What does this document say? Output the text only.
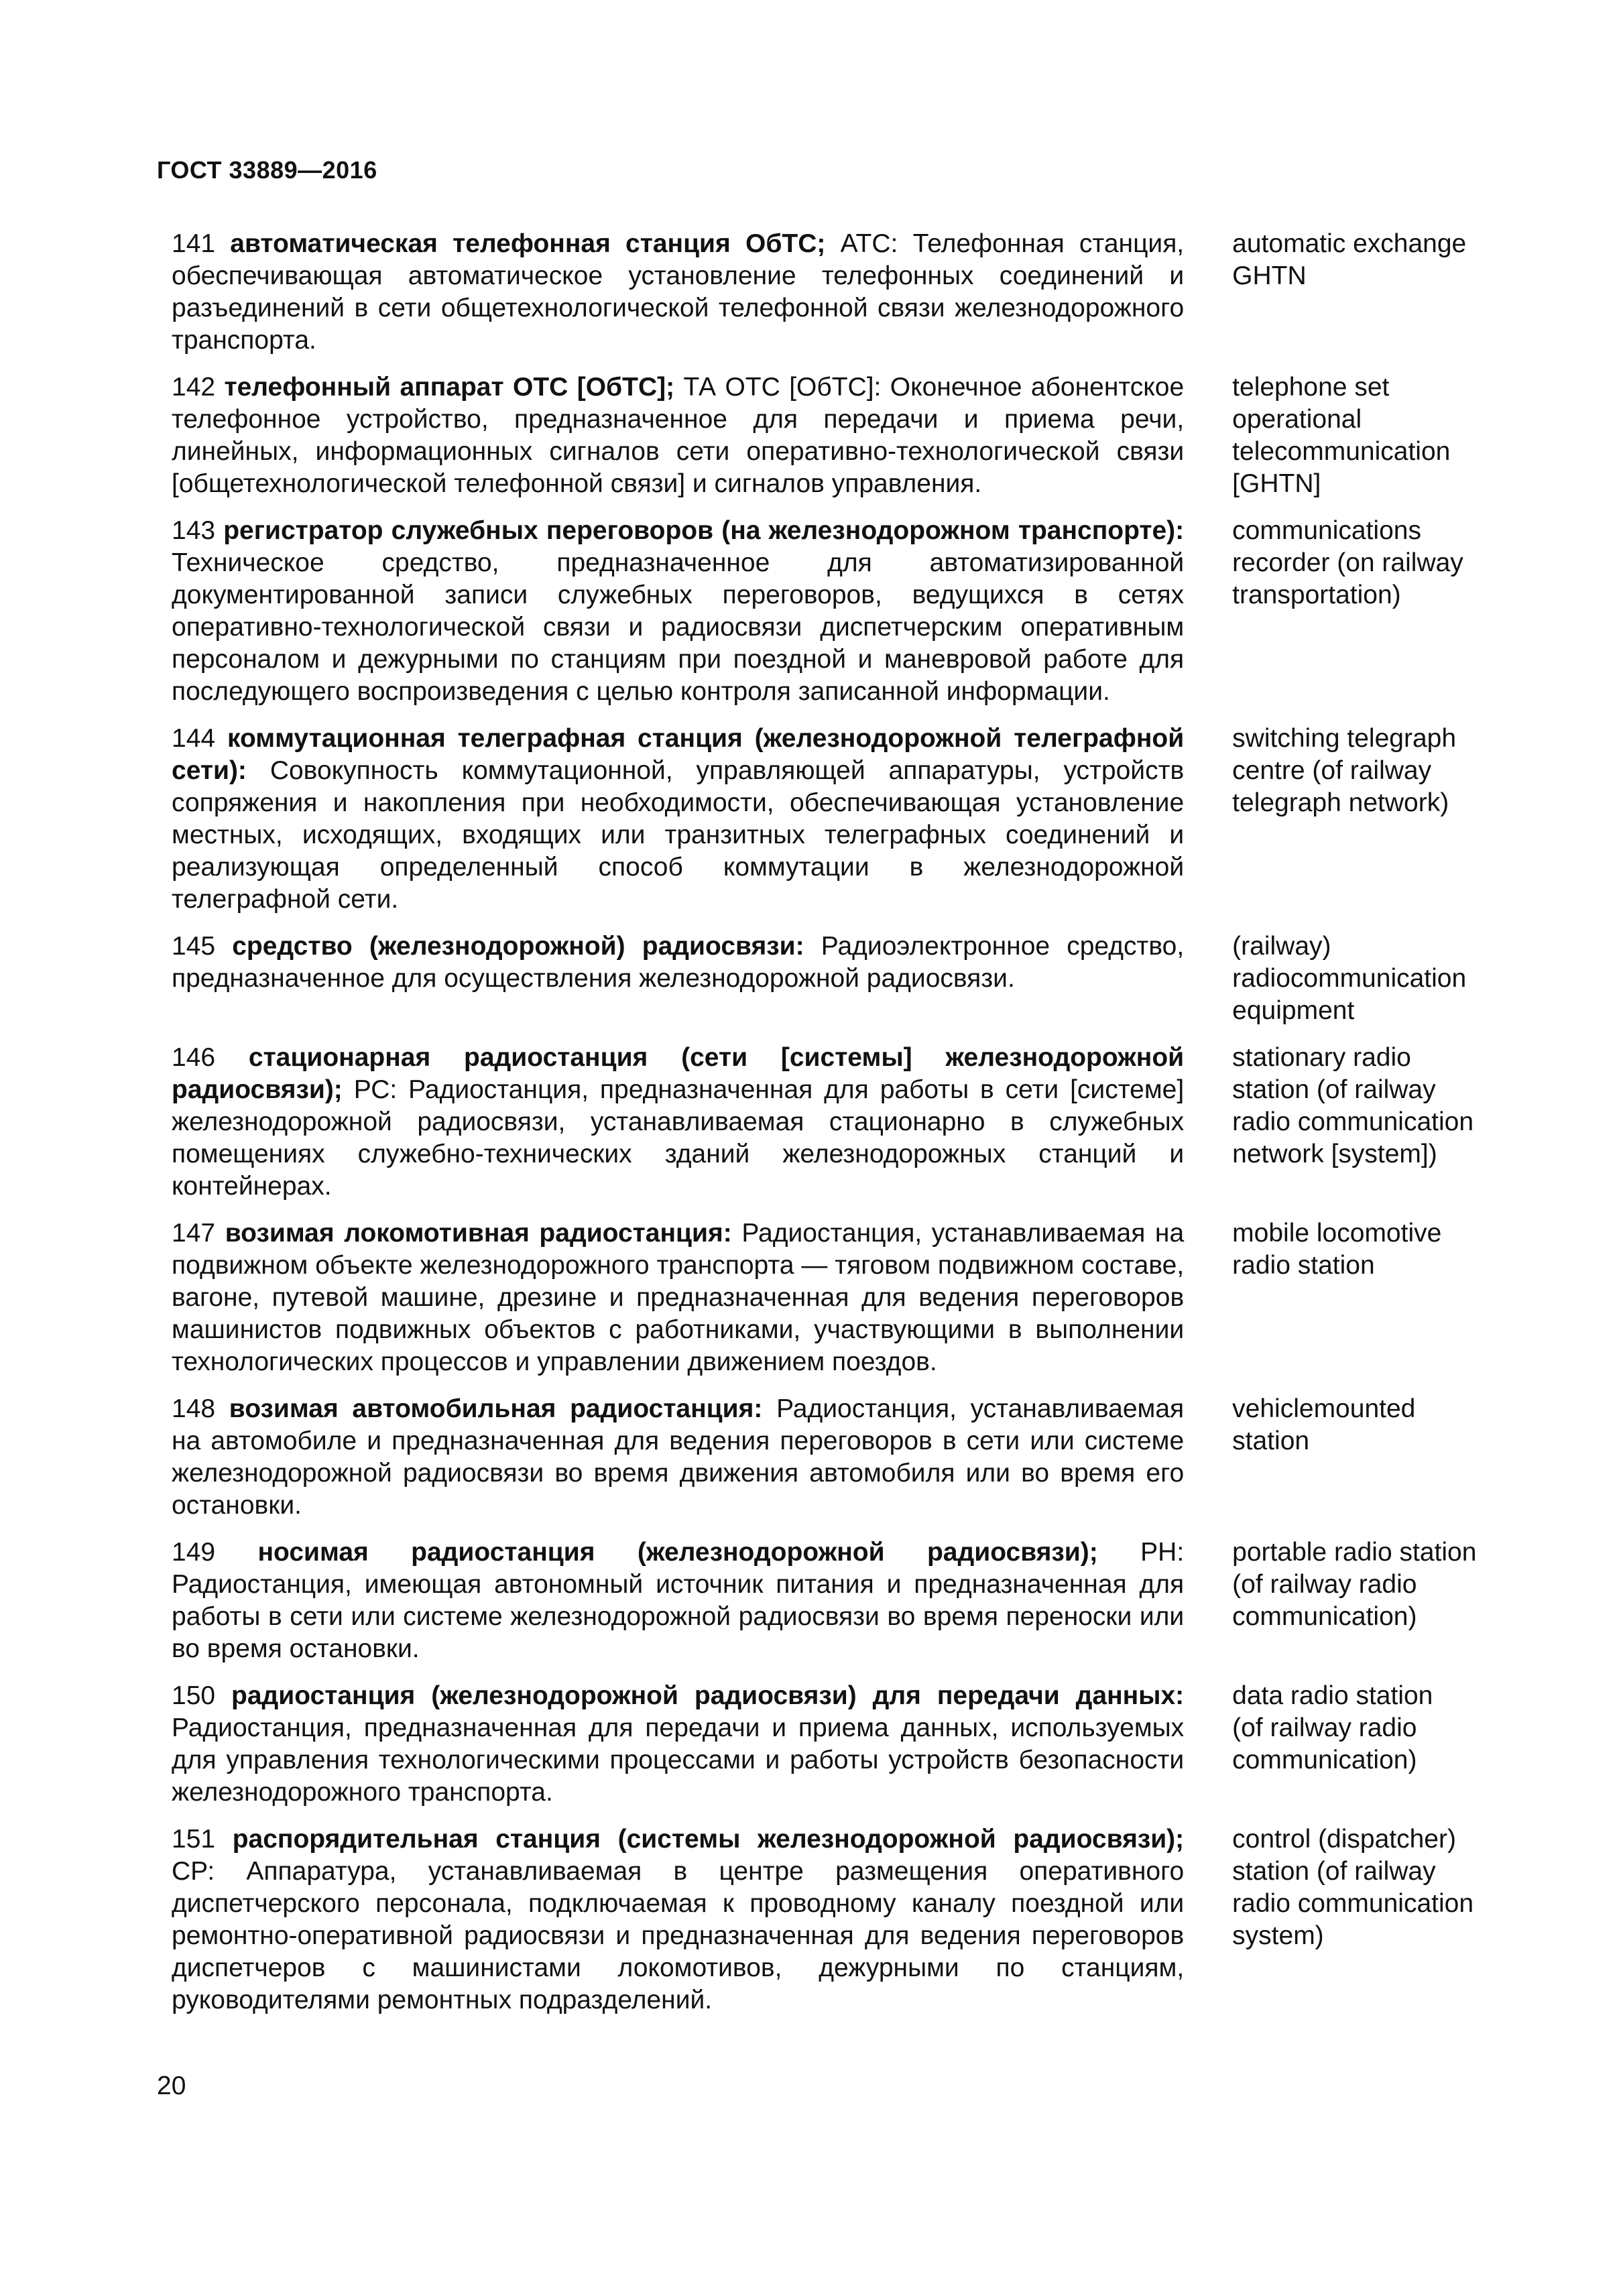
ГОСТ 33889—2016
141 автоматическая телефонная станция ОбТС; АТС: Телефонная станция, обеспечивающая автоматическое установление телефонных соединений и разъединений в сети общетехнологической телефонной связи железнодорожного транспорта.
automatic exchange
GHTN
142 телефонный аппарат ОТС [ОбТС]; ТА ОТС [ОбТС]: Оконечное абонентское телефонное устройство, предназначенное для передачи и приема речи, линейных, информационных сигналов сети оперативно-технологической связи [общетехнологической телефонной связи] и сигналов управления.
telephone set
operational
telecommunication
[GHTN]
143 регистратор служебных переговоров (на железнодорожном транспорте): Техническое средство, предназначенное для автоматизированной документированной записи служебных переговоров, ведущихся в сетях оперативно-технологической связи и радиосвязи диспетчерским оперативным персоналом и дежурными по станциям при поездной и маневровой работе для последующего воспроизведения с целью контроля записанной информации.
communications
recorder (on railway
transportation)
144 коммутационная телеграфная станция (железнодорожной телеграфной сети): Совокупность коммутационной, управляющей аппаратуры, устройств сопряжения и накопления при необходимости, обеспечивающая установление местных, исходящих, входящих или транзитных телеграфных соединений и реализующая определенный способ коммутации в железнодорожной телеграфной сети.
switching telegraph
centre (of railway
telegraph network)
145 средство (железнодорожной) радиосвязи: Радиоэлектронное средство, предназначенное для осуществления железнодорожной радиосвязи.
(railway)
radiocommunication
equipment
146 стационарная радиостанция (сети [системы] железнодорожной радиосвязи); РС: Радиостанция, предназначенная для работы в сети [системе] железнодорожной радиосвязи, устанавливаемая стационарно в служебных помещениях служебно-технических зданий железнодорожных станций и контейнерах.
stationary radio
station (of railway
radio communication
network [system])
147 возимая локомотивная радиостанция: Радиостанция, устанавливаемая на подвижном объекте железнодорожного транспорта — тяговом подвижном составе, вагоне, путевой машине, дрезине и предназначенная для ведения переговоров машинистов подвижных объектов с работниками, участвующими в выполнении технологических процессов и управлении движением поездов.
mobile locomotive
radio station
148 возимая автомобильная радиостанция: Радиостанция, устанавливаемая на автомобиле и предназначенная для ведения переговоров в сети или системе железнодорожной радиосвязи во время движения автомобиля или во время его остановки.
vehiclemounted
station
149 носимая радиостанция (железнодорожной радиосвязи); РН: Радиостанция, имеющая автономный источник питания и предназначенная для работы в сети или системе железнодорожной радиосвязи во время переноски или во время остановки.
portable radio station
(of railway radio
communication)
150 радиостанция (железнодорожной радиосвязи) для передачи данных: Радиостанция, предназначенная для передачи и приема данных, используемых для управления технологическими процессами и работы устройств безопасности железнодорожного транспорта.
data radio station
(of railway radio
communication)
151 распорядительная станция (системы железнодорожной радиосвязи); СР: Аппаратура, устанавливаемая в центре размещения оперативного диспетчерского персонала, подключаемая к проводному каналу поездной или ремонтно-оперативной радиосвязи и предназначенная для ведения переговоров диспетчеров с машинистами локомотивов, дежурными по станциям, руководителями ремонтных подразделений.
control (dispatcher)
station (of railway
radio communication
system)
20
